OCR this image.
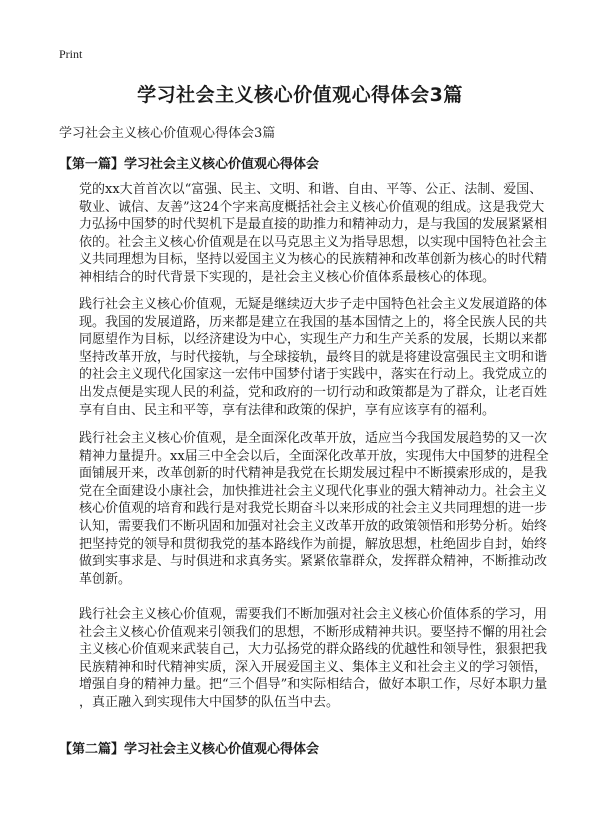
Print
学习社会主义核心价值观心得体会3篇

学习社会主义核心价值观心得体会3篇

【第一篇】学习社会主义核心价值观心得体会

党的xx大首首次以“富强、民主、文明、和谐、自由、平等、公正、法制、爱国、
敬业、诚信、友善”这24个字来高度概括社会主义核心价值观的组成。这是我党大
力弘扬中国梦的时代契机下是最直接的助推力和精神动力，是与我国的发展紧紧相
依的。社会主义核心价值观是在以马克思主义为指导思想，以实现中国特色社会主
义共同理想为目标，坚持以爱国主义为核心的民族精神和改革创新为核心的时代精
神相结合的时代背景下实现的，是社会主义核心价值体系最核心的体现。

践行社会主义核心价值观，无疑是继续迈大步子走中国特色社会主义发展道路的体
现。我国的发展道路，历来都是建立在我国的基本国情之上的，将全民族人民的共
同愿望作为目标，以经济建设为中心，实现生产力和生产关系的发展，长期以来都
坚持改革开放，与时代接轨，与全球接轨，最终目的就是将建设富强民主文明和谐
的社会主义现代化国家这一宏伟中国梦付诸于实践中，落实在行动上。我党成立的
出发点便是实现人民的利益，党和政府的一切行动和政策都是为了群众，让老百姓
享有自由、民主和平等，享有法律和政策的保护，享有应该享有的福利。

践行社会主义核心价值观，是全面深化改革开放，适应当今我国发展趋势的又一次
精神力量提升。xx届三中全会以后，全面深化改革开放，实现伟大中国梦的进程全
面铺展开来，改革创新的时代精神是我党在长期发展过程中不断摸索形成的，是我
党在全面建设小康社会，加快推进社会主义现代化事业的强大精神动力。社会主义
核心价值观的培育和践行是对我党长期奋斗以来形成的社会主义共同理想的进一步
认知，需要我们不断巩固和加强对社会主义改革开放的政策领悟和形势分析。始终
把坚持党的领导和贯彻我党的基本路线作为前提，解放思想，杜绝固步自封，始终
做到实事求是、与时俱进和求真务实。紧紧依靠群众，发挥群众精神，不断推动改
革创新。

践行社会主义核心价值观，需要我们不断加强对社会主义核心价值体系的学习，用
社会主义核心价值观来引领我们的思想，不断形成精神共识。要坚持不懈的用社会
主义核心价值观来武装自己，大力弘扬党的群众路线的优越性和领导性，狠狠把我
民族精神和时代精神实质，深入开展爱国主义、集体主义和社会主义的学习领悟，
增强自身的精神力量。把“三个倡导”和实际相结合，做好本职工作，尽好本职力量
，真正融入到实现伟大中国梦的队伍当中去。

【第二篇】学习社会主义核心价值观心得体会
